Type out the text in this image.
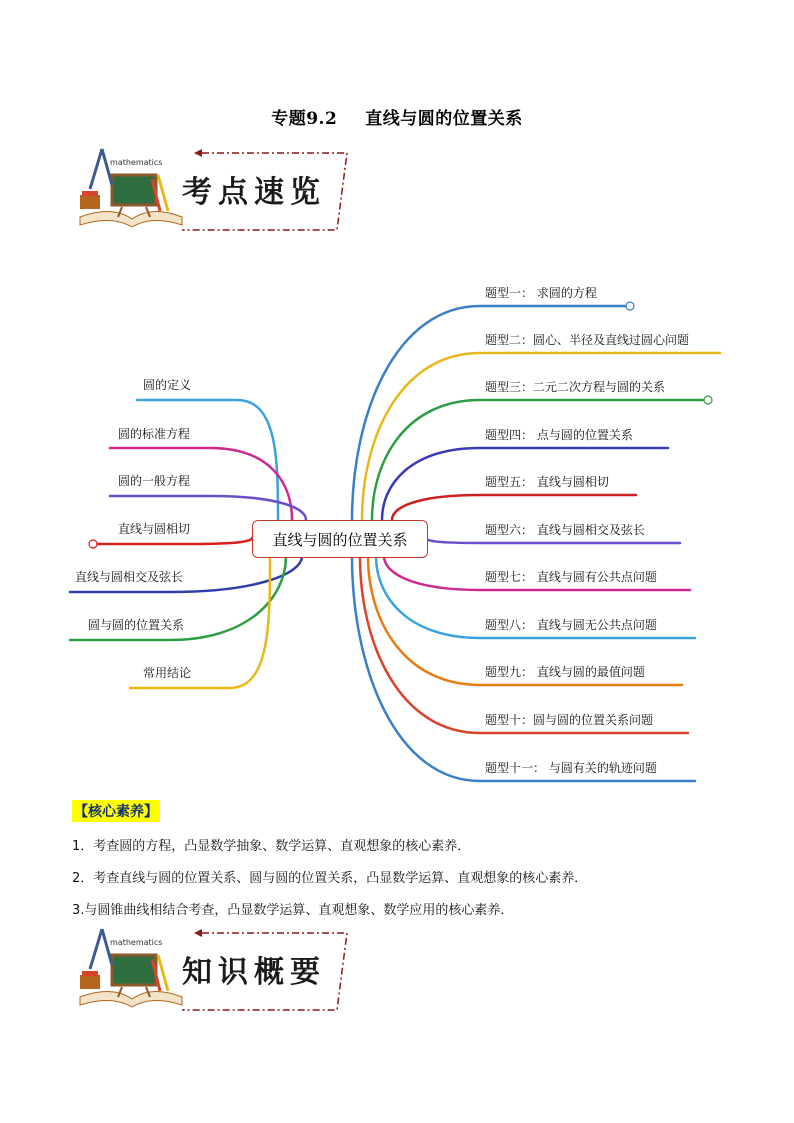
专题9.2 直线与圆的位置关系
mathematics
考点速览
直线与圆的位置关系
圆的定义
圆的标准方程
圆的一般方程
直线与圆相切
直线与圆相交及弦长
圆与圆的位置关系
常用结论
题型一： 求圆的方程
题型二：圆心、半径及直线过圆心问题
题型三：二元二次方程与圆的关系
题型四： 点与圆的位置关系
题型五： 直线与圆相切
题型六： 直线与圆相交及弦长
题型七： 直线与圆有公共点问题
题型八： 直线与圆无公共点问题
题型九： 直线与圆的最值问题
题型十：圆与圆的位置关系问题
题型十一： 与圆有关的轨迹问题
【核心素养】
1．考查圆的方程，凸显数学抽象、数学运算、直观想象的核心素养．
2．考查直线与圆的位置关系、圆与圆的位置关系，凸显数学运算、直观想象的核心素养．
3.与圆锥曲线相结合考查，凸显数学运算、直观想象、数学应用的核心素养．
mathematics
知识概要
